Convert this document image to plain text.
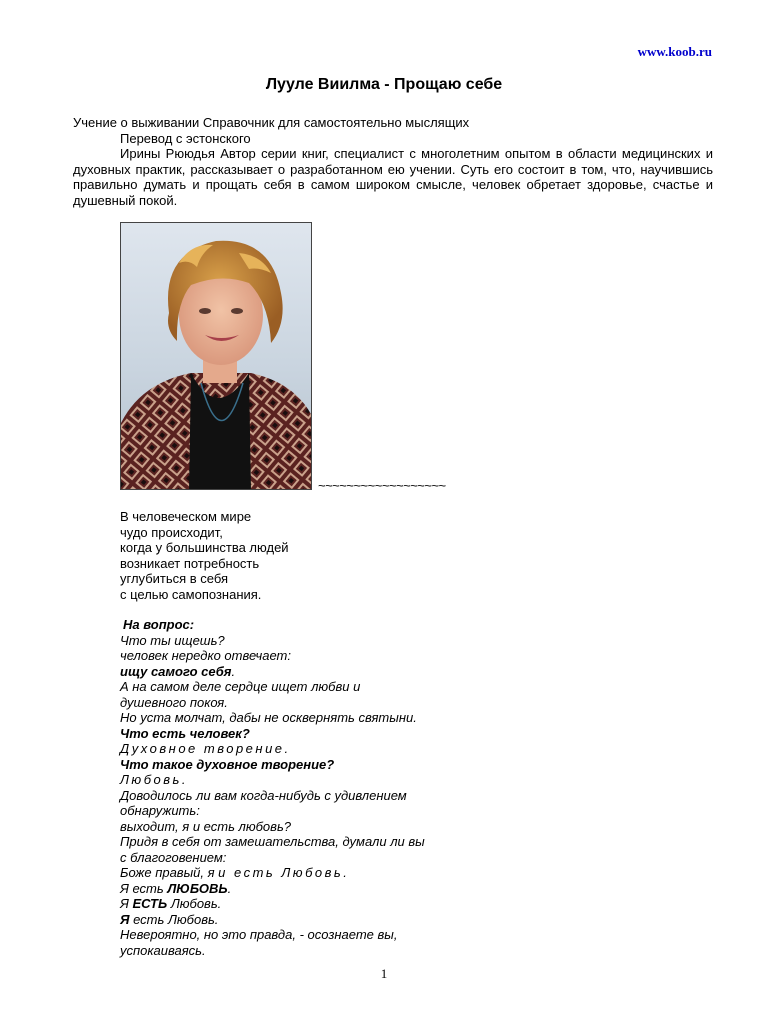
www.koob.ru
Лууле Виилма - Прощаю себе

Учение о выживании Справочник для самостоятельно мыслящих

Перевод с эстонского

Ирины Рююдья Автор серии книг, специалист с многолетним опытом в области медицинских и духовных практик, рассказывает о разработанном ею учении. Суть его состоит в том, что, научившись правильно думать и прощать себя в самом широком смысле, человек обретает здоровье, счастье и душевный покой.

~~~~~~~~~~~~~~~~~~

В человеческом мире

чудо происходит,

когда у большинства людей

возникает потребность

углубиться в себя

с целью самопознания.

На вопрос:

Что ты ищешь?

человек нередко отвечает:

ищу самого себя.

А на самом деле сердце ищет любви и

душевного покоя.

Но уста молчат, дабы не осквернять святыни.

Что есть человек?

Духовное творение.

Что такое духовное творение?

Любовь.

Доводилось ли вам когда-нибудь с удивлением

обнаружить:

выходит, я и есть любовь?

Придя в себя от замешательства, думали ли вы

с благоговением:

Боже правый, я и есть Любовь.

Я есть ЛЮБОВЬ.

Я ЕСТЬ Любовь.

Я есть Любовь.

Невероятно, но это правда, - осознаете вы,

успокаиваясь.

1
